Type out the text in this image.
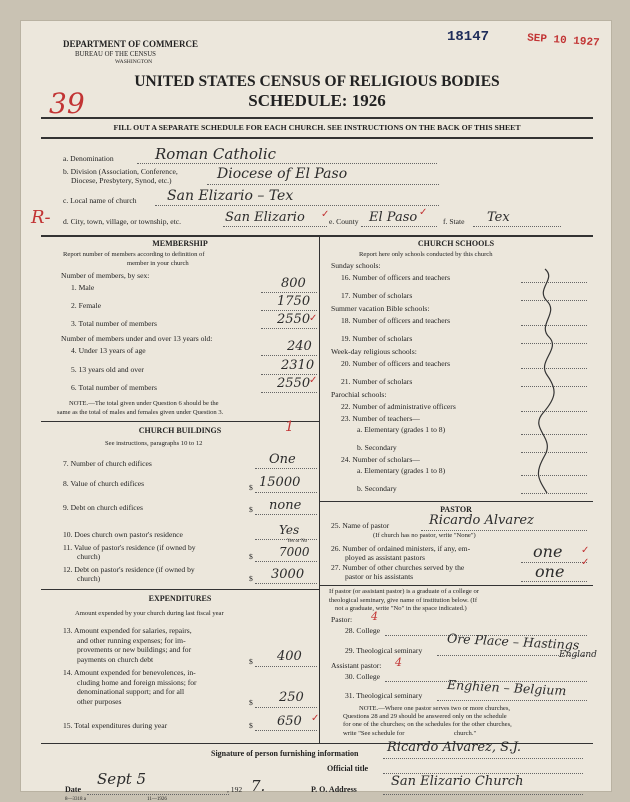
DEPARTMENT OF COMMERCE
BUREAU OF THE CENSUS
WASHINGTON
18147	SEP 10 1927
UNITED STATES CENSUS OF RELIGIOUS BODIES
SCHEDULE: 1926
39
FILL OUT A SEPARATE SCHEDULE FOR EACH CHURCH. SEE INSTRUCTIONS ON THE BACK OF THIS SHEET
a. Denomination	Roman Catholic
b. Division (Association, Conference,
Diocese, Presbytery, Synod, etc.)	Diocese of El Paso
c. Local name of church San Elizario – Tex
R- d. City, town, village, or township, etc.	San Elizario ✓
e. County El Paso ✓
f. State Tex
MEMBERSHIP
Report number of members according to definition of
member in your church
Number of members, by sex:
1. Male	800
2. Female	1750
3. Total number of members	2550
✓
Number of members under and over 13 years old:
4. Under 13 years of age	240
5. 13 years old and over	2310
6. Total number of members	2550
✓
NOTE.—The total given under Question 6 should be the
same as the total of males and females given under Question 3.
CHURCH BUILDINGS
See instructions, paragraphs 10 to 12
1
7. Number of church edifices	One
8. Value of church edifices	$ 15000
9. Debt on church edifices	$ none
10. Does church own pastor's residence	Yes
Yes or No
11. Value of pastor's residence (if owned by
church)	$ 7000
12. Debt on pastor's residence (if owned by
church)	$ 3000
EXPENDITURES
Amount expended by your church during last fiscal year
13. Amount expended for salaries, repairs,
and other running expenses; for im-
provements or new buildings; and for
payments on church debt	$ 400
14. Amount expended for benevolences, in-
cluding home and foreign missions; for
denominational support; and for all
other purposes	$ 250
15. Total expenditures during year	$ 650 ✓
CHURCH SCHOOLS
Report here only schools conducted by this church
Sunday schools:
16. Number of officers and teachers
17. Number of scholars
Summer vacation Bible schools:
18. Number of officers and teachers
19. Number of scholars
Week-day religious schools:
20. Number of officers and teachers
21. Number of scholars
Parochial schools:
22. Number of administrative officers
23. Number of teachers—
a. Elementary (grades 1 to 8)
b. Secondary
24. Number of scholars—
a. Elementary (grades 1 to 8)
b. Secondary
PASTOR
25. Name of pastor	Ricardo Alvarez
(If church has no pastor, write "None")
26. Number of ordained ministers, if any, em-
ployed as assistant pastors	one ✓
27. Number of other churches served by the
pastor or his assistants	one ✓
If pastor (or assistant pastor) is a graduate of a college or
theological seminary, give name of institution below. (If
not a graduate, write "No" in the space indicated.)
Pastor: 4
28. College
29. Theological seminary Ore Place – Hastings
England
Assistant pastor: 4
30. College
31. Theological seminary Enghien – Belgium
NOTE.—Where one pastor serves two or more churches,
Questions 28 and 29 should be answered only on the schedule
for one of the churches; on the schedules for the other churches,
write "See schedule for                              church."
Signature of person furnishing information Ricardo Alvarez, S.J.
Official title
Date
Sept 5
, 192 7.
8—3318 a	11—1926
P. O. Address
San Elizario Church
